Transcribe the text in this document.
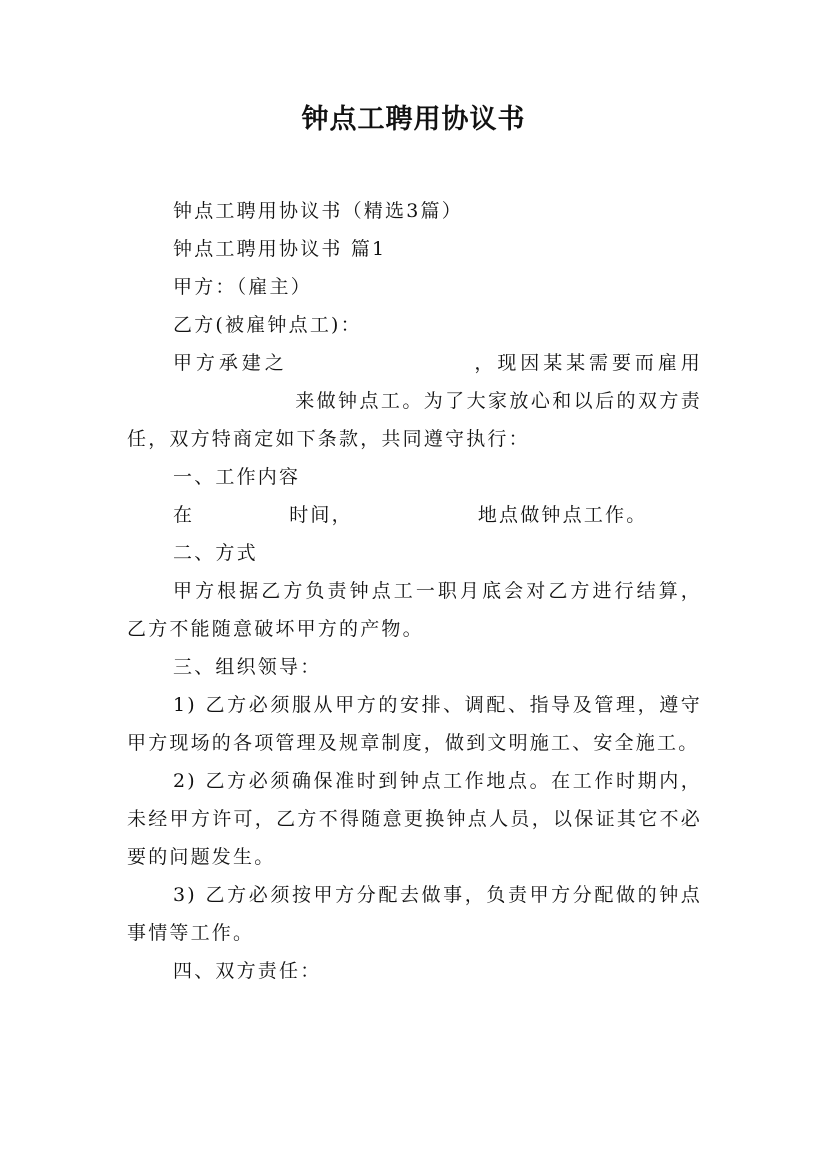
钟点工聘用协议书

钟点工聘用协议书（精选3篇）

钟点工聘用协议书 篇1

甲方：（雇主）

乙方(被雇钟点工)：

甲方承建之	，现因某某需要而雇用来做钟点工。为了大家放心和以后的双方责任，双方特商定如下条款，共同遵守执行：

一、工作内容

在	时间，	地点做钟点工作。

二、方式

甲方根据乙方负责钟点工一职月底会对乙方进行结算，乙方不能随意破坏甲方的产物。

三、组织领导：

1) 乙方必须服从甲方的安排、调配、指导及管理，遵守甲方现场的各项管理及规章制度，做到文明施工、安全施工。

2) 乙方必须确保准时到钟点工作地点。在工作时期内，未经甲方许可，乙方不得随意更换钟点人员，以保证其它不必要的问题发生。

3) 乙方必须按甲方分配去做事，负责甲方分配做的钟点事情等工作。

四、双方责任：
